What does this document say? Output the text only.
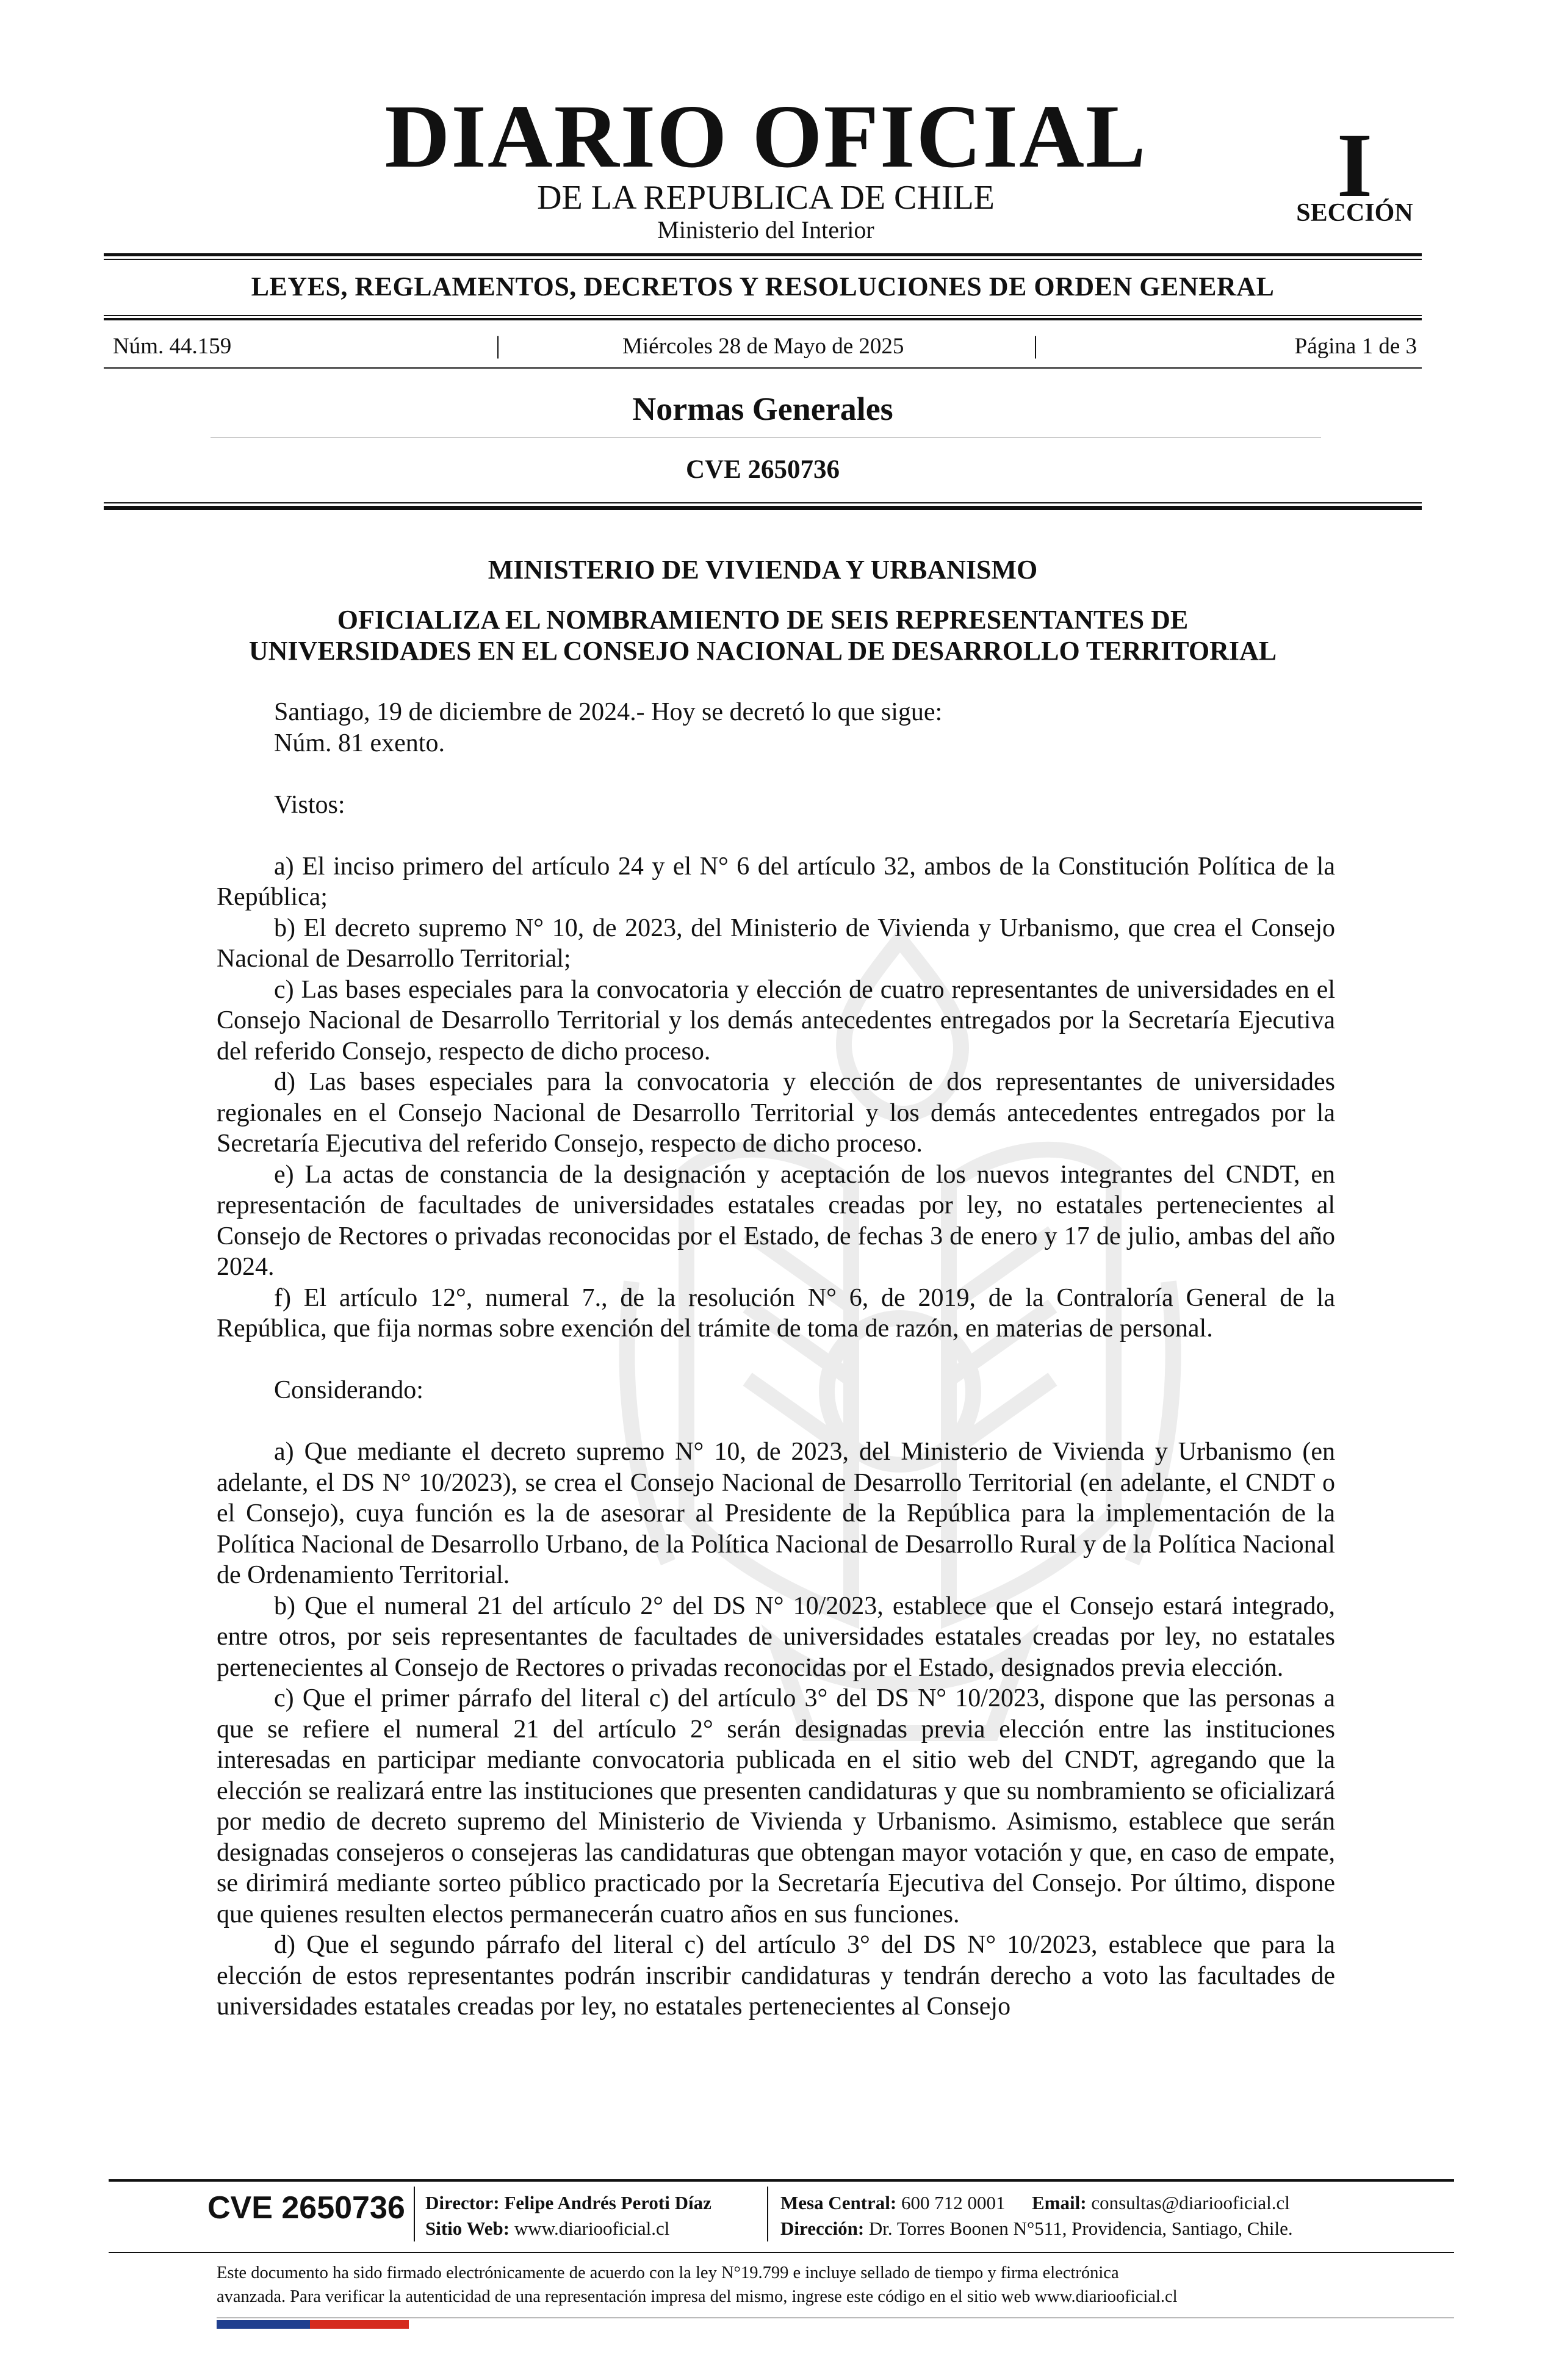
DIARIO OFICIAL
DE LA REPUBLICA DE CHILE
Ministerio del Interior
I
SECCIÓN
LEYES, REGLAMENTOS, DECRETOS Y RESOLUCIONES DE ORDEN GENERAL
Núm. 44.159	|	Miércoles 28 de Mayo de 2025	|	Página 1 de 3
Normas Generales
CVE 2650736
MINISTERIO DE VIVIENDA Y URBANISMO
OFICIALIZA EL NOMBRAMIENTO DE SEIS REPRESENTANTES DE
UNIVERSIDADES EN EL CONSEJO NACIONAL DE DESARROLLO TERRITORIAL

Santiago, 19 de diciembre de 2024.- Hoy se decretó lo que sigue:

Núm. 81 exento.

Vistos:

a) El inciso primero del artículo 24 y el N° 6 del artículo 32, ambos de la Constitución Política de la República;

b) El decreto supremo N° 10, de 2023, del Ministerio de Vivienda y Urbanismo, que crea el Consejo Nacional de Desarrollo Territorial;

c) Las bases especiales para la convocatoria y elección de cuatro representantes de universidades en el Consejo Nacional de Desarrollo Territorial y los demás antecedentes entregados por la Secretaría Ejecutiva del referido Consejo, respecto de dicho proceso.

d) Las bases especiales para la convocatoria y elección de dos representantes de universidades regionales en el Consejo Nacional de Desarrollo Territorial y los demás antecedentes entregados por la Secretaría Ejecutiva del referido Consejo, respecto de dicho proceso.

e) La actas de constancia de la designación y aceptación de los nuevos integrantes del CNDT, en representación de facultades de universidades estatales creadas por ley, no estatales pertenecientes al Consejo de Rectores o privadas reconocidas por el Estado, de fechas 3 de enero y 17 de julio, ambas del año 2024.

f) El artículo 12°, numeral 7., de la resolución N° 6, de 2019, de la Contraloría General de la República, que fija normas sobre exención del trámite de toma de razón, en materias de personal.

Considerando:

a) Que mediante el decreto supremo N° 10, de 2023, del Ministerio de Vivienda y Urbanismo (en adelante, el DS N° 10/2023), se crea el Consejo Nacional de Desarrollo Territorial (en adelante, el CNDT o el Consejo), cuya función es la de asesorar al Presidente de la República para la implementación de la Política Nacional de Desarrollo Urbano, de la Política Nacional de Desarrollo Rural y de la Política Nacional de Ordenamiento Territorial.

b) Que el numeral 21 del artículo 2° del DS N° 10/2023, establece que el Consejo estará integrado, entre otros, por seis representantes de facultades de universidades estatales creadas por ley, no estatales pertenecientes al Consejo de Rectores o privadas reconocidas por el Estado, designados previa elección.

c) Que el primer párrafo del literal c) del artículo 3° del DS N° 10/2023, dispone que las personas a que se refiere el numeral 21 del artículo 2° serán designadas previa elección entre las instituciones interesadas en participar mediante convocatoria publicada en el sitio web del CNDT, agregando que la elección se realizará entre las instituciones que presenten candidaturas y que su nombramiento se oficializará por medio de decreto supremo del Ministerio de Vivienda y Urbanismo. Asimismo, establece que serán designadas consejeros o consejeras las candidaturas que obtengan mayor votación y que, en caso de empate, se dirimirá mediante sorteo público practicado por la Secretaría Ejecutiva del Consejo. Por último, dispone que quienes resulten electos permanecerán cuatro años en sus funciones.

d) Que el segundo párrafo del literal c) del artículo 3° del DS N° 10/2023, establece que para la elección de estos representantes podrán inscribir candidaturas y tendrán derecho a voto las facultades de universidades estatales creadas por ley, no estatales pertenecientes al Consejo

CVE 2650736 Director: Felipe Andrés Peroti Díaz
Sitio Web: www.diariooficial.cl
Mesa Central: 600 712 0001 Email: consultas@diariooficial.cl
Dirección: Dr. Torres Boonen N°511, Providencia, Santiago, Chile.
Este documento ha sido firmado electrónicamente de acuerdo con la ley N°19.799 e incluye sellado de tiempo y firma electrónica
avanzada. Para verificar la autenticidad de una representación impresa del mismo, ingrese este código en el sitio web www.diariooficial.cl
